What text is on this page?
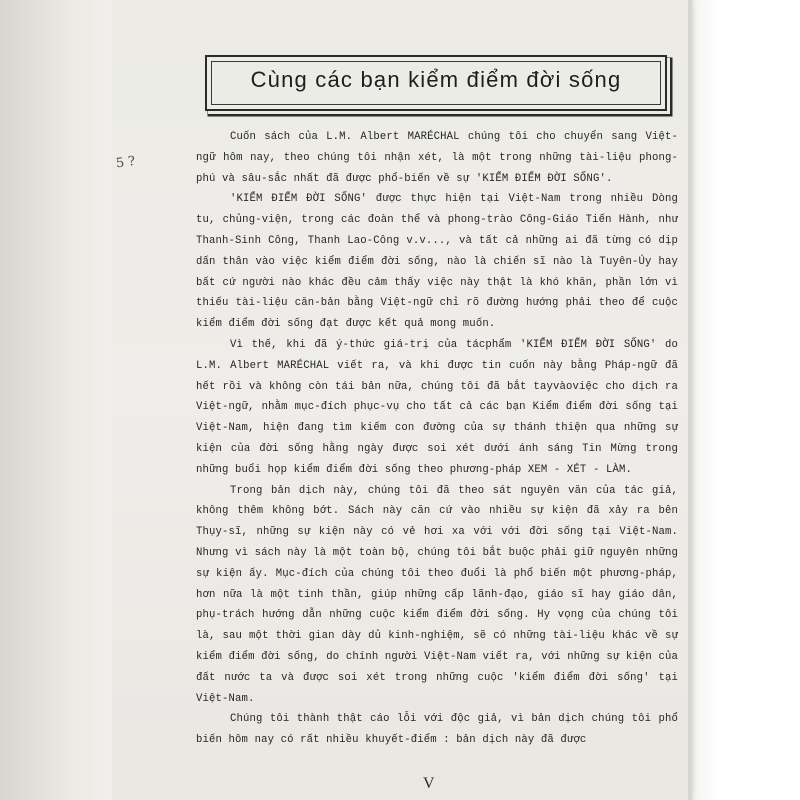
Cùng các bạn kiểm điểm đời sống
5 ?

Cuốn sách của L.M. Albert MARÉCHAL chúng tôi cho chuyển sang Việt-ngữ hôm nay, theo chúng tôi nhận xét, là một trong những tài-liệu phong-phú và sâu-sắc nhất đã được phổ-biến về sự 'KIỂM ĐIỂM ĐỜI SỐNG'.

'KIỂM ĐIỂM ĐỜI SỐNG' được thực hiện tại Việt-Nam trong nhiều Dòng tu, chủng-viện, trong các đoàn thể và phong-trào Công-Giáo Tiến Hành, như Thanh-Sinh Công, Thanh Lao-Công v.v..., và tất cả những ai đã từng có dịp dấn thân vào việc kiểm điểm đời sống, nào là chiến sĩ nào là Tuyên-Úy hay bất cứ người nào khác đều cảm thấy việc này thật là khó khăn, phần lớn vì thiếu tài-liệu căn-bản bằng Việt-ngữ chỉ rõ đường hướng phải theo để cuộc kiểm điểm đời sống đạt được kết quả mong muốn.

Vì thế, khi đã ý-thức giá-trị của tácphẩm 'KIỂM ĐIỂM ĐỜI SỐNG' do L.M. Albert MARÉCHAL viết ra, và khi được tin cuốn này bằng Pháp-ngữ đã hết rồi và không còn tái bản nữa, chúng tôi đã bắt tayvàoviệc cho dịch ra Việt-ngữ, nhằm mục-đích phục-vụ cho tất cả các bạn Kiểm điểm đời sống tại Việt-Nam, hiện đang tìm kiếm con đường của sự thánh thiện qua những sự kiện của đời sống hằng ngày được soi xét dưới ánh sáng Tin Mừng trong những buổi họp kiểm điểm đời sống theo phương-pháp XEM - XÉT - LÀM.

Trong bản dịch này, chúng tôi đã theo sát nguyên văn của tác giả, không thêm không bớt. Sách này căn cứ vào nhiều sự kiện đã xảy ra bên Thụy-sĩ, những sự kiện này có vẻ hơi xa với với đời sống tại Việt-Nam. Nhưng vì sách này là một toàn bộ, chúng tôi bắt buộc phải giữ nguyên những sự kiện ấy. Mục-đích của chúng tôi theo đuổi là phổ biến một phương-pháp, hơn nữa là một tinh thần, giúp những cấp lãnh-đạo, giáo sĩ hay giáo dân, phụ-trách hướng dẫn những cuộc kiểm điểm đời sống. Hy vọng của chúng tôi là, sau một thời gian dày dủ kinh-nghiệm, sẽ có những tài-liệu khác về sự kiểm điểm đời sống, do chính người Việt-Nam viết ra, với những sự kiện của đất nước ta và được soi xét trong những cuộc 'kiểm điểm đời sống' tại Việt-Nam.

Chúng tôi thành thật cáo lỗi với độc giả, vì bản dịch chúng tôi phổ biến hôm nay có rất nhiều khuyết-điểm : bản dịch này đã được

V
